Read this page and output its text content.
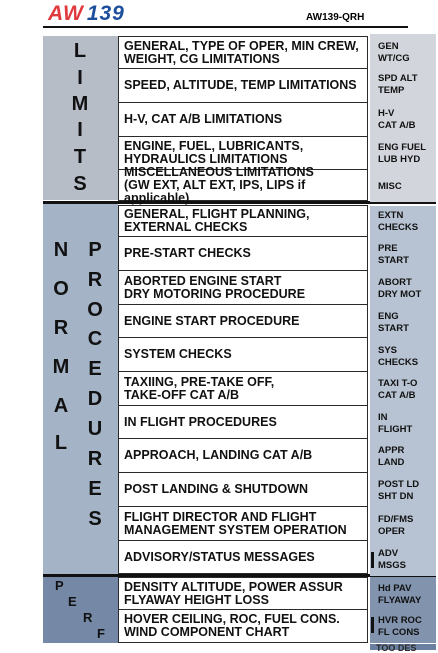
AW 139	AW139-QRH
L
I
M
I
T
S
N
O
R
M
A
L
P
R
O
C
E
D
U
R
E
S
P
E
R
F
GENERAL, TYPE OF OPER, MIN CREW,
WEIGHT, CG LIMITATIONS
SPEED, ALTITUDE, TEMP LIMITATIONS
H-V, CAT A/B LIMITATIONS
ENGINE, FUEL, LUBRICANTS,
HYDRAULICS LIMITATIONS
MISCELLANEOUS LIMITATIONS
(GW EXT, ALT EXT, IPS, LIPS if applicable)
GEN
WT/CG
SPD ALT
TEMP
H-V
CAT A/B
ENG FUEL
LUB HYD
MISC
GENERAL, FLIGHT PLANNING,
EXTERNAL CHECKS
PRE-START CHECKS
ABORTED ENGINE START
DRY MOTORING PROCEDURE
ENGINE START PROCEDURE
SYSTEM CHECKS
TAXIING, PRE-TAKE OFF,
TAKE-OFF CAT A/B
IN FLIGHT PROCEDURES
APPROACH, LANDING CAT A/B
POST LANDING & SHUTDOWN
FLIGHT DIRECTOR AND FLIGHT
MANAGEMENT SYSTEM OPERATION
ADVISORY/STATUS MESSAGES
EXTN
CHECKS
PRE
START
ABORT
DRY MOT
ENG
START
SYS
CHECKS
TAXI T-O
CAT A/B
IN
FLIGHT
APPR
LAND
POST LD
SHT DN
FD/FMS
OPER
ADV
MSGS
DENSITY ALTITUDE, POWER ASSUR
FLYAWAY HEIGHT LOSS
HOVER CEILING, ROC, FUEL CONS.
WIND COMPONENT CHART
Hd PAV
FLYAWAY
HVR ROC
FL CONS
TOO DES
